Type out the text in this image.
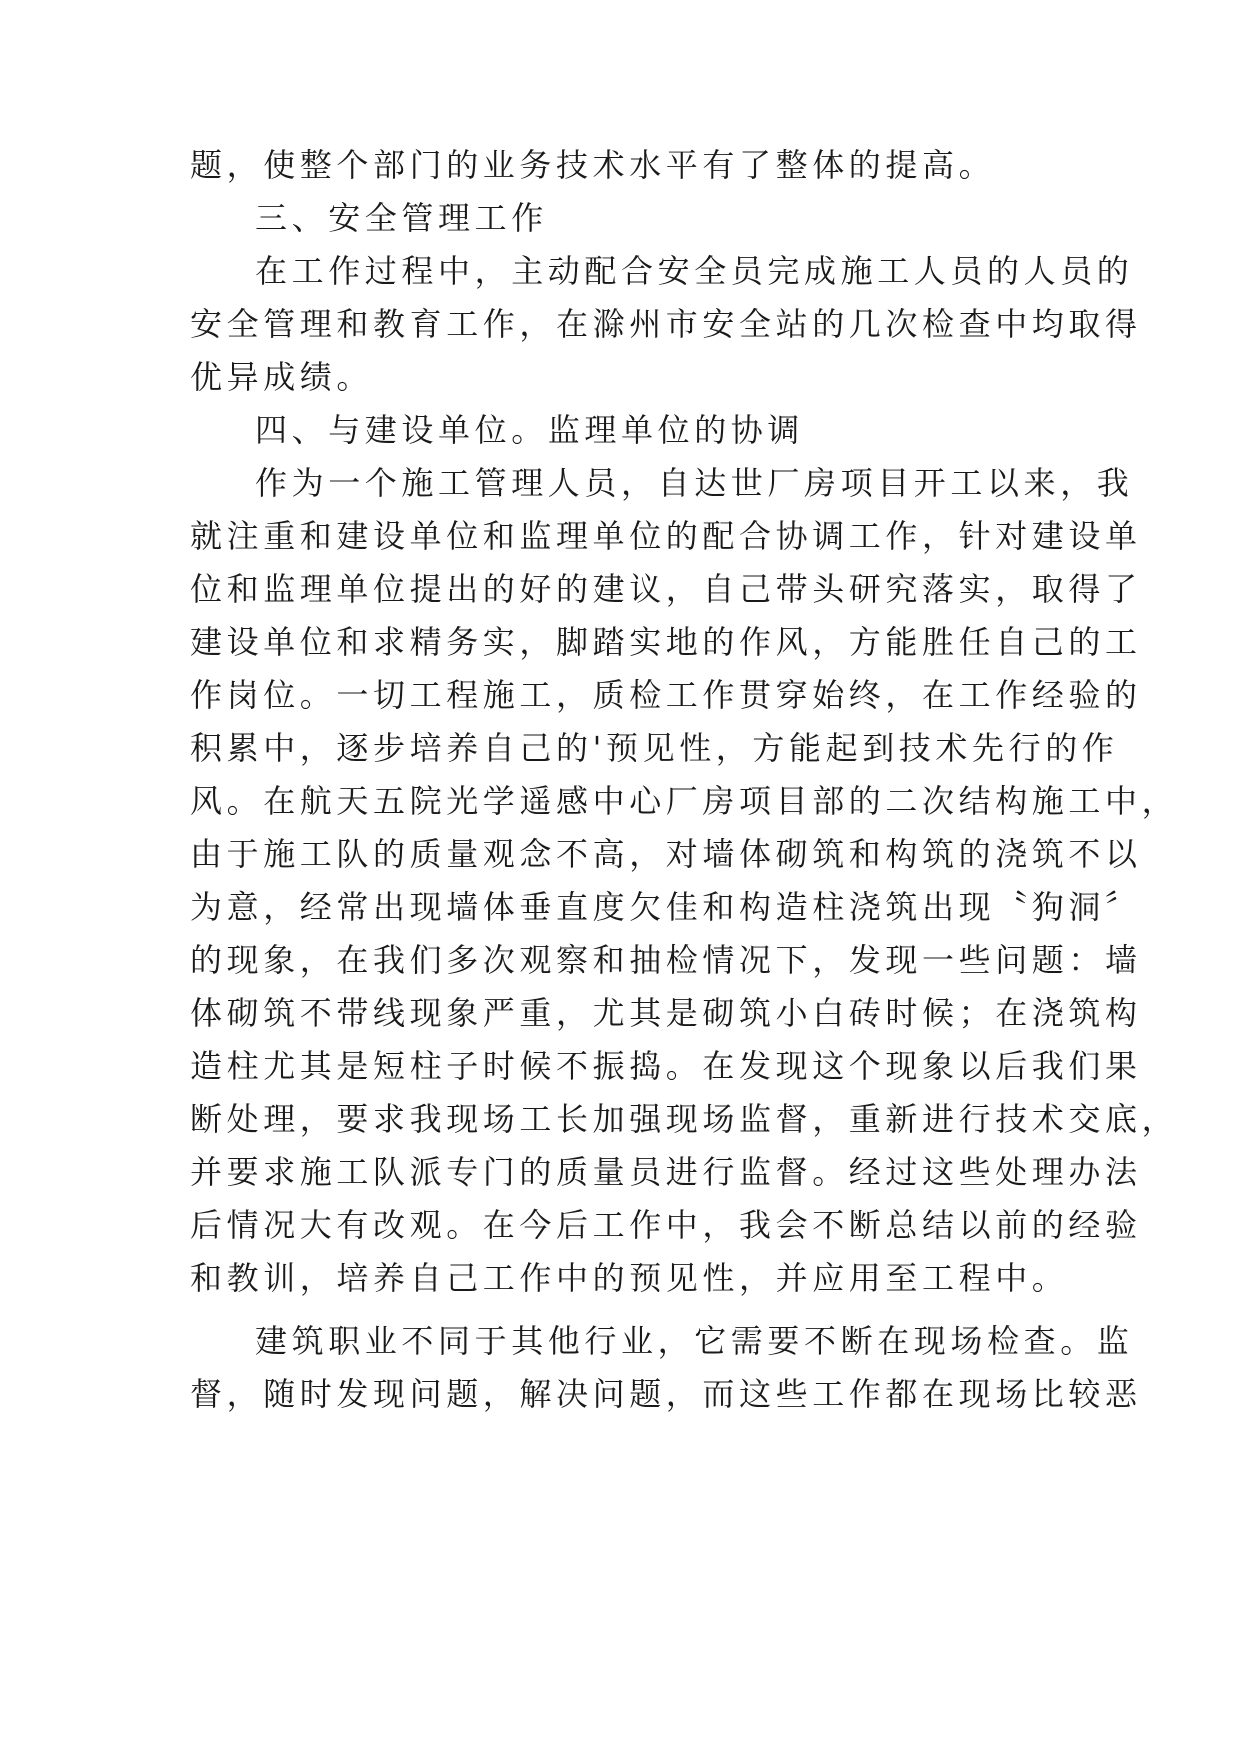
题，使整个部门的业务技术水平有了整体的提高。
三、安全管理工作
在工作过程中，主动配合安全员完成施工人员的人员的
安全管理和教育工作，在滁州市安全站的几次检查中均取得
优异成绩。
四、与建设单位。监理单位的协调
作为一个施工管理人员，自达世厂房项目开工以来，我
就注重和建设单位和监理单位的配合协调工作，针对建设单
位和监理单位提出的好的建议，自己带头研究落实，取得了
建设单位和求精务实，脚踏实地的作风，方能胜任自己的工
作岗位。一切工程施工，质检工作贯穿始终，在工作经验的
积累中，逐步培养自己的'预见性，方能起到技术先行的作
风。在航天五院光学遥感中心厂房项目部的二次结构施工中，
由于施工队的质量观念不高，对墙体砌筑和构筑的浇筑不以
为意，经常出现墙体垂直度欠佳和构造柱浇筑出现〝狗洞〞
的现象，在我们多次观察和抽检情况下，发现一些问题：墙
体砌筑不带线现象严重，尤其是砌筑小白砖时候；在浇筑构
造柱尤其是短柱子时候不振捣。在发现这个现象以后我们果
断处理，要求我现场工长加强现场监督，重新进行技术交底，
并要求施工队派专门的质量员进行监督。经过这些处理办法
后情况大有改观。在今后工作中，我会不断总结以前的经验
和教训，培养自己工作中的预见性，并应用至工程中。
建筑职业不同于其他行业，它需要不断在现场检查。监
督，随时发现问题，解决问题，而这些工作都在现场比较恶
